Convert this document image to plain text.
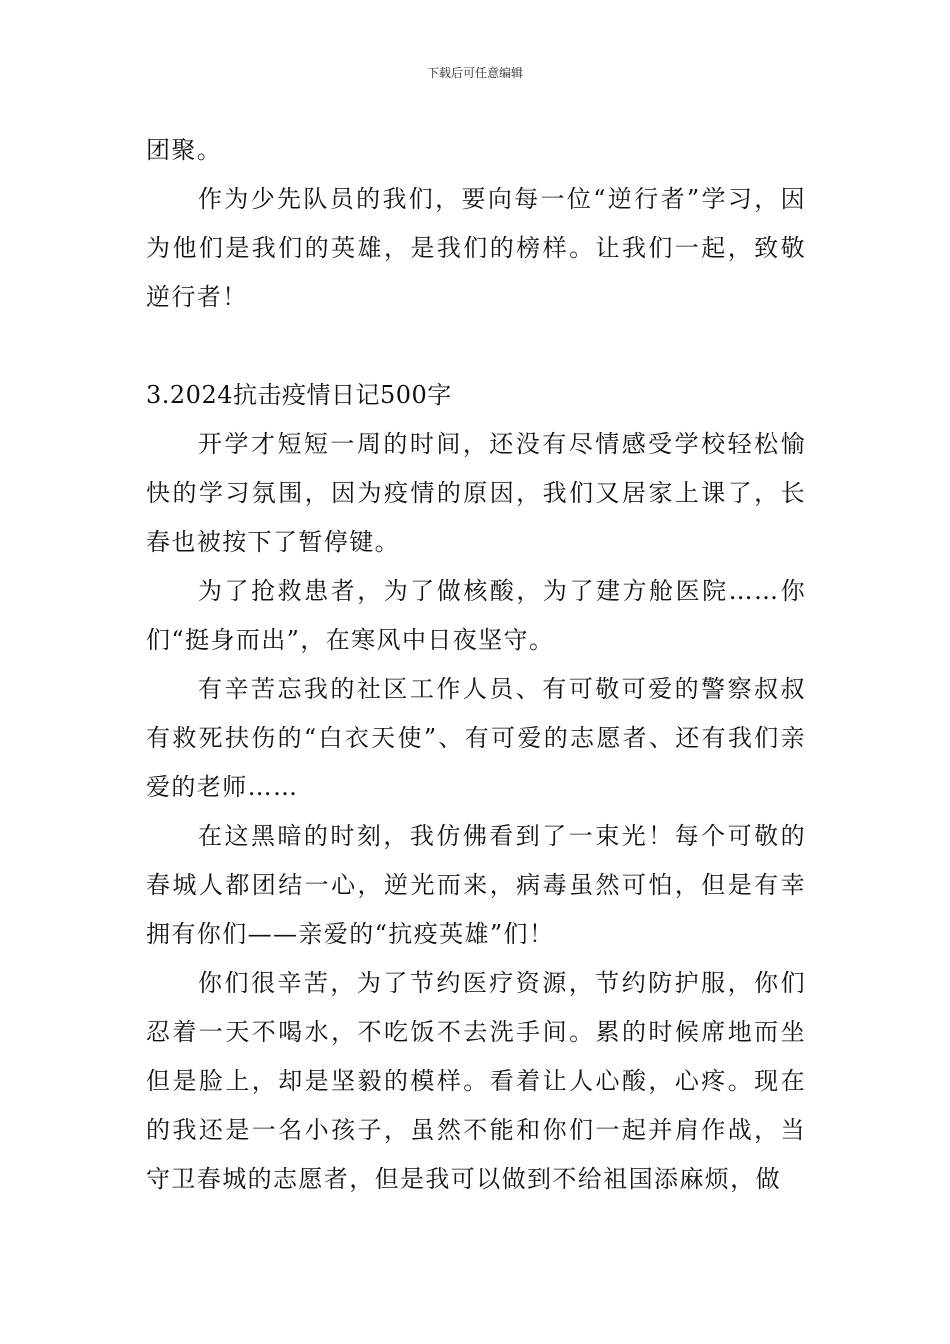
下载后可任意编辑

团聚。

作为少先队员的我们，要向每一位“逆行者”学习，因为他们是我们的英雄，是我们的榜样。让我们一起，致敬逆行者！

3.2024抗击疫情日记500字

开学才短短一周的时间，还没有尽情感受学校轻松愉快的学习氛围，因为疫情的原因，我们又居家上课了，长春也被按下了暂停键。

为了抢救患者，为了做核酸，为了建方舱医院……你们“挺身而出”，在寒风中日夜坚守。

有辛苦忘我的社区工作人员、有可敬可爱的警察叔叔有救死扶伤的“白衣天使”、有可爱的志愿者、还有我们亲爱的老师……

在这黑暗的时刻，我仿佛看到了一束光！每个可敬的春城人都团结一心，逆光而来，病毒虽然可怕，但是有幸拥有你们——亲爱的“抗疫英雄”们！

你们很辛苦，为了节约医疗资源，节约防护服，你们忍着一天不喝水，不吃饭不去洗手间。累的时候席地而坐但是脸上，却是坚毅的模样。看着让人心酸，心疼。现在的我还是一名小孩子，虽然不能和你们一起并肩作战，当守卫春城的志愿者，但是我可以做到不给祖国添麻烦，做
